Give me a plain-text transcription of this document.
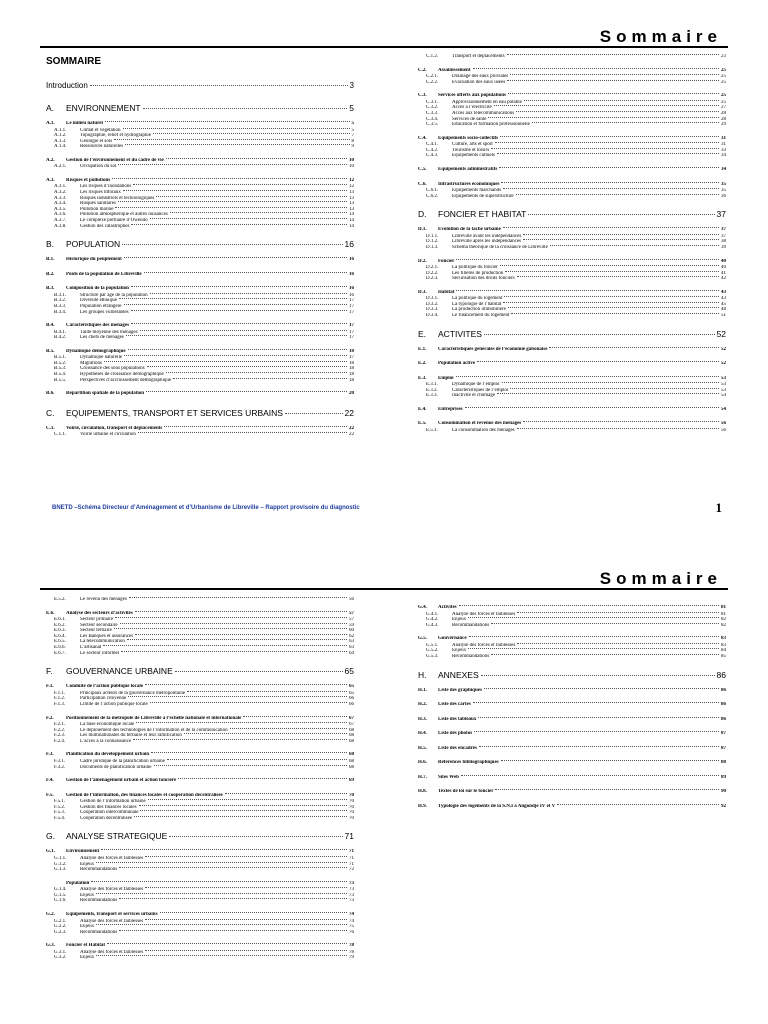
Sommaire
SOMMAIRE
Introduction	3
A. ENVIRONNEMENT	5
A.1.	Le milieu naturel	5
A.1.1.	Climat et végétation	5
A.1.2.	Topographie, relief et hydrographie	7
A.1.3.	Géologie et sols	8
A.1.4.	Ressources naturelles	9
A.2.	Gestion de l’environnement et du cadre de vie	10
A.2.1.	Occupation du sol	10
A.3.	Risques et pollutions	12
A.3.1.	Les risques d’inondations	12
A.3.2.	Les risques littoraux	13
A.3.3.	Risques industriels et technologiques	13
A.3.4.	Risques sanitaires	13
A.3.5.	Pollution marine	13
A.3.6.	Pollution atmosphérique et autres nuisances	14
A.3.7.	Le complexe portuaire d’Owendo	14
A.3.8.	Gestion des catastrophes	14
B. POPULATION	16
B.1.	Historique du peuplement	16
B.2.	Poids de la population de Libreville	16
B.3.	Composition de la population	16
B.3.1.	Structure par âge de la population	16
B.3.2.	Diversité ethnique	17
B.3.3.	Population étrangère	17
B.3.4.	Les groupes vulnérables	17
B.4.	Caractéristiques des ménages	17
B.4.1.	Taille moyenne des ménages	17
B.4.2.	Les chefs de ménages	17
B.5.	Dynamique démographique	18
B.5.1.	Dynamique naturelle	17
B.5.2.	Migrations	18
B.5.3.	Croissance des sous populations	18
B.5.4.	Hypothèses de croissance démographique	18
B.5.5.	Perspectives d’accroissement démographique	18
B.6.	Répartition spatiale de la population	20
C. EQUIPEMENTS, TRANSPORT ET SERVICES URBAINS	22
C.1.	Voirie, circulation, transport et déplacements	22
C.1.1.	Voirie urbaine et circulation	22
C.1.2.	Transport et déplacements	23
C.2.	Assainissement	25
C.2.1.	Drainage des eaux pluviales	25
C.2.2.	Evacuation des eaux usées	25
C.3.	Services offerts aux populations	25
C.3.1.	Approvisionnement en eau potable	25
C.3.2.	Accès à l’électricité	27
C.3.3.	Accès aux télécommunications	28
C.3.4.	Services de santé	28
C.3.5.	Education et formation professionnelle	29
C.4.	Equipements socio-collectifs	31
C.4.1.	Culture, arts et sport	31
C.4.2.	Tourisme et loisirs	33
C.4.3.	Equipements cultuels	34
C.5.	Equipements administratifs	34
C.6.	Infrastructures économiques	35
C.6.1.	Equipements marchands	35
C.6.2.	Equipements de superstructure	36
D. FONCIER ET HABITAT	37
D.1.	Evolution de la tache urbaine	37
D.1.1.	Libreville avant les indépendances	37
D.1.2.	Libreville après les indépendances	38
D.1.3.	Schéma théorique de la croissance de Libreville	39
D.2.	Foncier	40
D.2.1.	La politique du foncier	40
D.2.2.	Les filières de production	41
D.2.3.	Sécurisation des droits fonciers	42
D.3.	Habitat	43
D.3.1.	La politique du logement	43
D.3.2.	La typologie de l’habitat	45
D.3.3.	La production immobilière	48
D.3.4.	Le financement du logement	51
E. ACTIVITES	52
E.1.	Caractéristiques générales de l’économie gabonaise	52
E.2.	Population active	52
E.3.	Emploi	53
E.3.1.	Dynamique de l’emploi	53
E.3.2.	Caractéristiques de l’emploi	53
E.3.3.	Inactivité et chômage	54
E.4.	Entreprises	54
E.5.	Consommation et revenus des ménages	56
E.5.1.	La consommation des ménages	56
BNETD –Schéma Directeur d’Aménagement et d’Urbanisme de Libreville – Rapport provisoire du diagnostic	1
Sommaire
E.5.2.	Le revenu des ménages	56
E.6.	Analyse des secteurs d’activités	57
E.6.1.	Secteur primaire	57
E.6.2.	Secteur secondaire	59
E.6.3.	Secteur tertiaire	60
E.6.4.	Les Banques et assurances	62
E.6.5.	La télécommunication	63
E.6.6.	L’artisanat	63
E.6.7.	Le secteur informel	64
F. GOUVERNANCE URBAINE	65
F.1.	Conduite de l’action publique locale	65
F.1.1.	Principaux acteurs de la gouvernance métropolitaine	65
F.1.2.	Participation citoyenne	66
F.1.3.	Limite de l’action publique locale	66
F.2.	Positionnement de la métropole de Libreville à l’échelle nationale et internationale	67
F.2.1.	La base économique locale	67
F.2.2.	Le déploiement des technologies de l’information et de la communication	68
F.2.3.	Les multinationales du tertiaire et leur ramification	68
F.2.4.	L’accès à la connaissance	68
F.3.	Planification du développement urbain	68
F.3.1.	Cadre juridique de la planification urbaine	68
F.3.2.	Documents de planification urbaine	68
F.4.	Gestion de l’aménagement urbain et action foncière	69
F.5.	Gestion de l’information, des finances locales et coopération décentralisée	70
F.5.1.	Gestion de l’information urbaine	70
F.5.2.	Gestion des finances locales	70
F.5.3.	Coopération intercommunale	70
F.5.4.	Coopération décentralisée	70
G. ANALYSE STRATEGIQUE	71
G.1.	Environnement	71
G.1.1.	Analyse des forces et faiblesses	71
G.1.2.	Enjeux	71
G.1.3.	Recommandations	72
Population	73
G.1.4.	Analyse des forces et faiblesses	73
G.1.5.	Enjeux	73
G.1.6.	Recommandations	73
G.2.	Equipements, transport et services urbains	74
G.2.1.	Analyse des forces et faiblesses	74
G.2.2.	Enjeux	75
G.2.3.	Recommandations	76
G.3.	Foncier et Habitat	78
G.3.1.	Analyse des forces et faiblesses	78
G.3.2.	Enjeux	79
G.4.	Activités	81
G.4.1.	Analyse des forces et faiblesses	81
G.4.2.	Enjeux	82
G.4.3.	Recommandations	82
G.5.	Gouvernance	83
G.5.1.	Analyse des forces et faiblesses	83
G.5.2.	Enjeux	84
G.5.3.	Recommandations	85
H. ANNEXES	86
H.1.	Liste des graphiques	86
H.2.	Liste des cartes	86
H.3.	Liste des tableaux	86
H.4.	Liste des photos	87
H.5.	Liste des encadrés	87
H.6.	Références bibliographiques	88
H.7.	Sites Web	89
H.8.	Textes de loi sur le foncier	90
H.9.	Typologie des logements de la S.N.I à Angondjé IV et V	92
